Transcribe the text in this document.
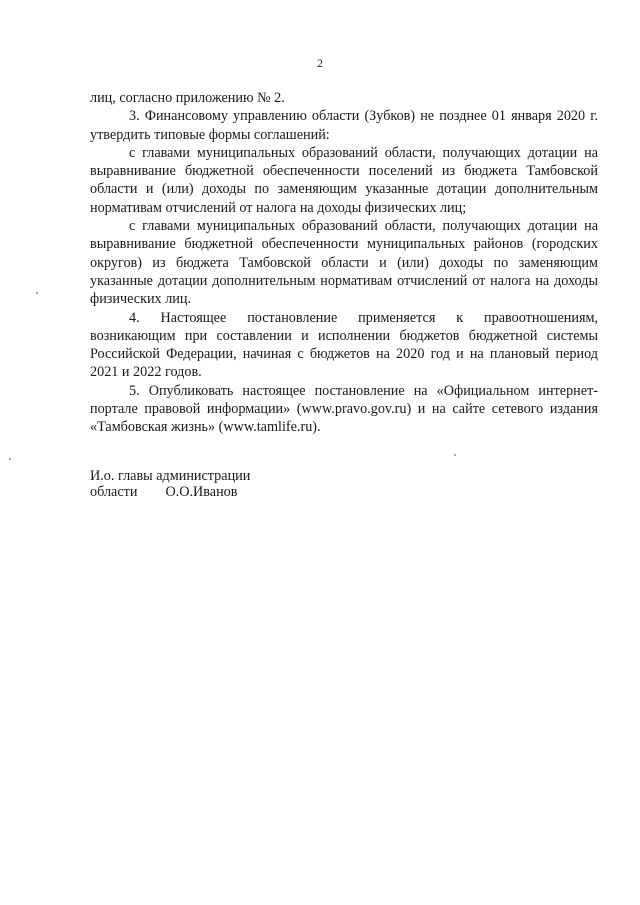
2

лиц, согласно приложению № 2.

3. Финансовому управлению области (Зубков) не позднее 01 января 2020 г. утвердить типовые формы соглашений:

с главами муниципальных образований области, получающих дотации на выравнивание бюджетной обеспеченности поселений из бюджета Тамбовской области и (или) доходы по заменяющим указанные дотации дополнительным нормативам отчислений от налога на доходы физических лиц;

с главами муниципальных образований области, получающих дотации на выравнивание бюджетной обеспеченности муниципальных районов (городских округов) из бюджета Тамбовской области и (или) доходы по заменяющим указанные дотации дополнительным нормативам отчислений от налога на доходы физических лиц.

4. Настоящее постановление применяется к правоотношениям, возникающим при составлении и исполнении бюджетов бюджетной системы Российской Федерации, начиная с бюджетов на 2020 год и на плановый период 2021 и 2022 годов.

5. Опубликовать настоящее постановление на «Официальном интернет-портале правовой информации» (www.pravo.gov.ru) и на сайте сетевого издания «Тамбовская жизнь» (www.tamlife.ru).

И.о. главы администрации
области О.О.Иванов
